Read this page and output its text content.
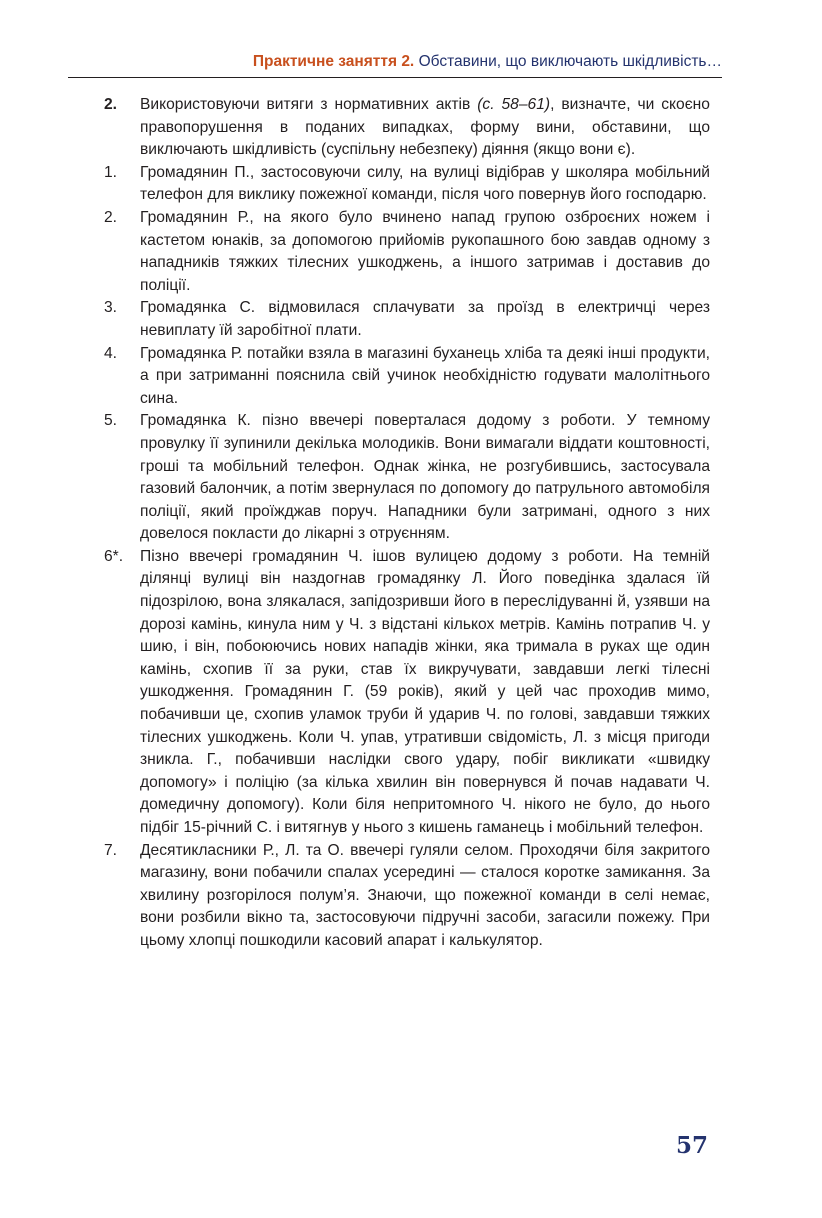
Практичне заняття 2. Обставини, що виключають шкідливість…

2. Використовуючи витяги з нормативних актів (с. 58–61), визначте, чи скоєно правопорушення в поданих випадках, форму вини, обставини, що виключають шкідливість (суспільну небезпеку) діяння (якщо вони є).

1. Громадянин П., застосовуючи силу, на вулиці відібрав у школяра мобільний телефон для виклику пожежної команди, після чого повернув його господарю.

2. Громадянин Р., на якого було вчинено напад групою озброєних ножем і кастетом юнаків, за допомогою прийомів рукопашного бою завдав одному з нападників тяжких тілесних ушкоджень, а іншого затримав і доставив до поліції.

3. Громадянка С. відмовилася сплачувати за проїзд в електричці через невиплату їй заробітної плати.

4. Громадянка Р. потайки взяла в магазині буханець хліба та деякі інші продукти, а при затриманні пояснила свій учинок необхідністю годувати малолітнього сина.

5. Громадянка К. пізно ввечері поверталася додому з роботи. У темному провулку її зупинили декілька молодиків. Вони вимагали віддати коштовності, гроші та мобільний телефон. Однак жінка, не розгубившись, застосувала газовий балончик, а потім звернулася по допомогу до патрульного автомобіля поліції, який проїжджав поруч. Нападники були затримані, одного з них довелося покласти до лікарні з отруєнням.

6*. Пізно ввечері громадянин Ч. ішов вулицею додому з роботи. На темній ділянці вулиці він наздогнав громадянку Л. Його поведінка здалася їй підозрілою, вона злякалася, запідозривши його в переслідуванні й, узявши на дорозі камінь, кинула ним у Ч. з відстані кількох метрів. Камінь потрапив Ч. у шию, і він, побоюючись нових нападів жінки, яка тримала в руках ще один камінь, схопив її за руки, став їх викручувати, завдавши легкі тілесні ушкодження. Громадянин Г. (59 років), який у цей час проходив мимо, побачивши це, схопив уламок труби й ударив Ч. по голові, завдавши тяжких тілесних ушкоджень. Коли Ч. упав, утративши свідомість, Л. з місця пригоди зникла. Г., побачивши наслідки свого удару, побіг викликати «швидку допомогу» і поліцію (за кілька хвилин він повернувся й почав надавати Ч. домедичну допомогу). Коли біля непритомного Ч. нікого не було, до нього підбіг 15-річний С. і витягнув у нього з кишень гаманець і мобільний телефон.

7. Десятикласники Р., Л. та О. ввечері гуляли селом. Проходячи біля закритого магазину, вони побачили спалах усередині — сталося коротке замикання. За хвилину розгорілося полум’я. Знаючи, що пожежної команди в селі немає, вони розбили вікно та, застосовуючи підручні засоби, загасили пожежу. При цьому хлопці пошкодили касовий апарат і калькулятор.

57
